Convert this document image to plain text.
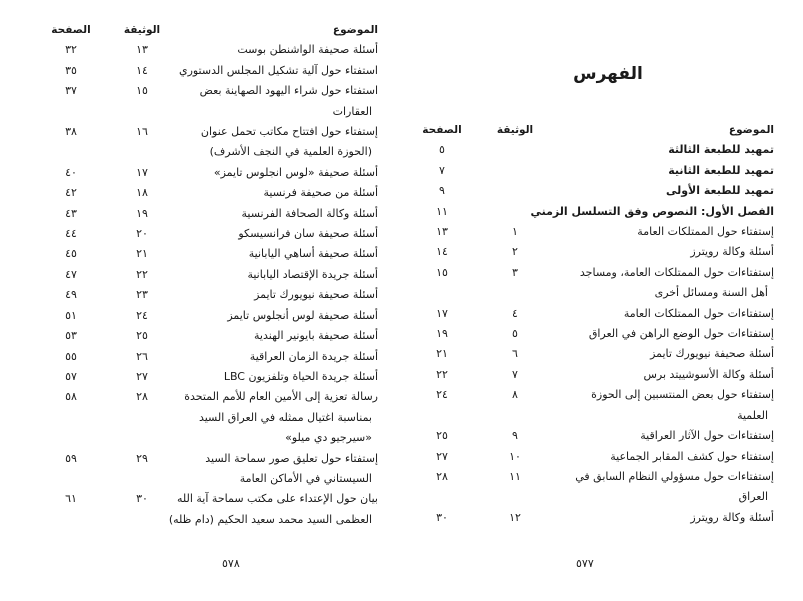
الموضوع
الوثيقة
الصفحة
أسئلة صحيفة الواشنطن بوست
١٣
٣٢
استفتاء حول آلية تشكيل المجلس الدستوري
١٤
٣٥
استفتاء حول شراء اليهود الصهاينة بعض
العقارات
١٥
٣٧
إستفتاء حول افتتاح مكاتب تحمل عنوان
(الحوزة العلمية في النجف الأشرف)
١٦
٣٨
أسئلة صحيفة «لوس انجلوس تايمز»
١٧
٤٠
أسئلة من صحيفة فرنسية
١٨
٤٢
أسئلة وكالة الصحافة الفرنسية
١٩
٤٣
أسئلة صحيفة سان فرانسيسكو
٢٠
٤٤
أسئلة صحيفة أساهي اليابانية
٢١
٤٥
أسئلة جريدة الإقتصاد اليابانية
٢٢
٤٧
أسئلة صحيفة نيويورك تايمز
٢٣
٤٩
أسئلة صحيفة لوس أنجلوس تايمز
٢٤
٥١
أسئلة صحيفة بايونير الهندية
٢٥
٥٣
أسئلة جريدة الزمان العراقية
٢٦
٥٥
أسئلة جريدة الحياة وتلفزيون LBC
٢٧
٥٧
رسالة تعزية إلى الأمين العام للأمم المتحدة
بمناسبة اغتيال ممثله في العراق السيد
«سيرجيو دي ميلو»
٢٨
٥٨
إستفتاء حول تعليق صور سماحة السيد
السيستاني في الأماكن العامة
٢٩
٥٩
بيان حول الإعتداء على مكتب سماحة آية الله
العظمى السيد محمد سعيد الحكيم (دام ظله)
٣٠
٦١
٥٧٨
الفهرس
الموضوع
الوثيقة
الصفحة
تمهيد للطبعة الثالثة
٥
تمهيد للطبعة الثانية
٧
تمهيد للطبعة الأولى
٩
الفصل الأول: النصوص وفق التسلسل الزمني
١١
إستفتاء حول الممتلكات العامة
١
١٣
أسئلة وكالة رويترز
٢
١٤
إستفتاءات حول الممتلكات العامة، ومساجد
أهل السنة ومسائل أخرى
٣
١٥
إستفتاءات حول الممتلكات العامة
٤
١٧
إستفتاءات حول الوضع الراهن في العراق
٥
١٩
أسئلة صحيفة نيويورك تايمز
٦
٢١
أسئلة وكالة الأسوشييتد برس
٧
٢٢
إستفتاء حول بعض المنتسبين إلى الحوزة
العلمية
٨
٢٤
إستفتاءات حول الآثار العراقية
٩
٢٥
إستفتاء حول كشف المقابر الجماعية
١٠
٢٧
إستفتاءات حول مسؤولي النظام السابق في
العراق
١١
٢٨
أسئلة وكالة رويترز
١٢
٣٠
٥٧٧
